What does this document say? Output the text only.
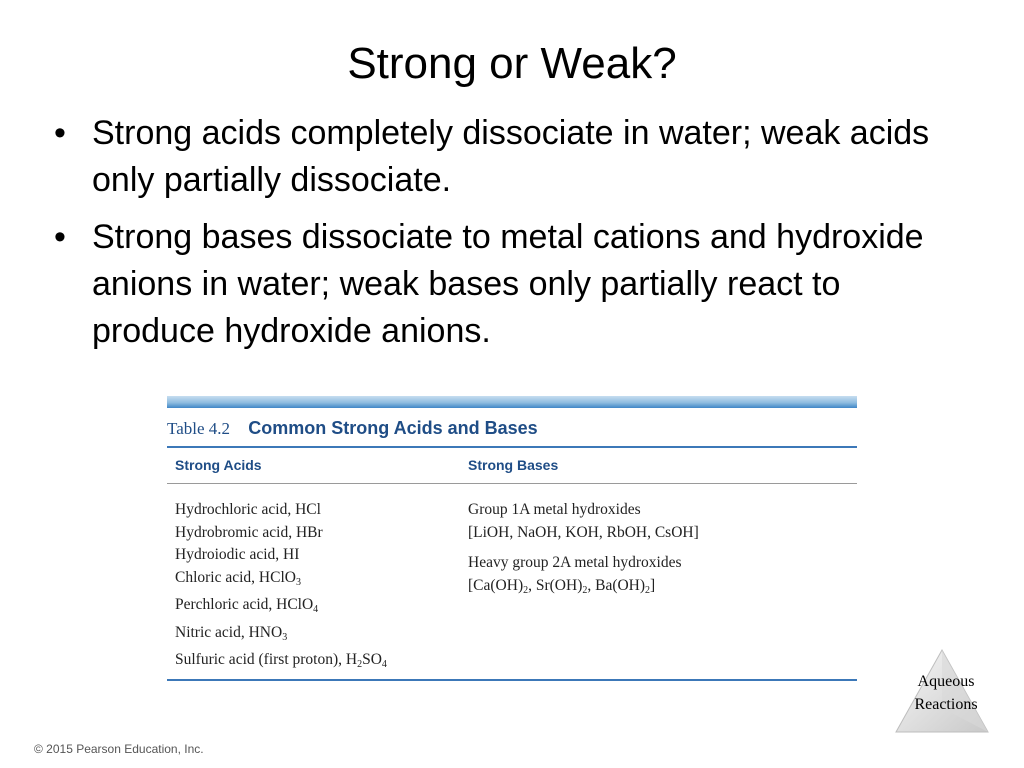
Strong or Weak?
• Strong acids completely dissociate in water; weak acids only partially dissociate.
• Strong bases dissociate to metal cations and hydroxide anions in water; weak bases only partially react to produce hydroxide anions.
Table 4.2 Common Strong Acids and Bases
Strong Acids	Strong Bases
Hydrochloric acid, HCl
Hydrobromic acid, HBr
Hydroiodic acid, HI
Chloric acid, HClO$_3$
Perchloric acid, HClO$_4$
Nitric acid, $HNO_3$
Sulfuric acid (first proton), $H_2SO_4$
Group 1A metal hydroxides
[LiOH, NaOH, KOH, RbOH, CsOH]
Heavy group 2A metal hydroxides
[$Ca(OH)_2$, $Sr(OH)_2$, $Ba(OH)_2$]
Aqueous
Reactions
© 2015 Pearson Education, Inc.
